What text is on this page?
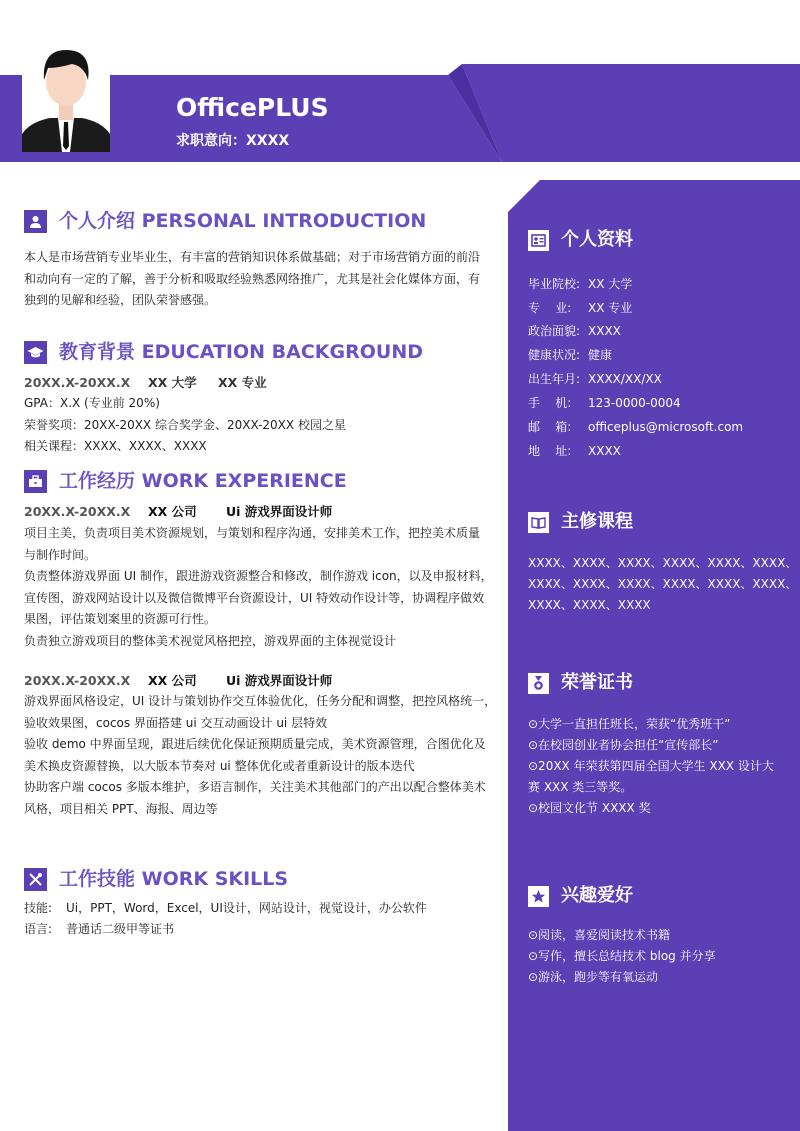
OfficePLUS
求职意向：XXXX
个人介绍 PERSONAL INTRODUCTION
本人是市场营销专业毕业生，有丰富的营销知识体系做基础；对于市场营销方面的前沿
和动向有一定的了解，善于分析和吸取经验熟悉网络推广，尤其是社会化媒体方面，有
独到的见解和经验，团队荣誉感强。
教育背景 EDUCATION BACKGROUND
20XX.X-20XX.X XX 大学 XX 专业
GPA：X.X (专业前 20%)
荣誉奖项：20XX-20XX 综合奖学金、20XX-20XX 校园之星
相关课程：XXXX、XXXX、XXXX
工作经历 WORK EXPERIENCE
20XX.X-20XX.X XX 公司 Ui 游戏界面设计师
项目主美，负责项目美术资源规划，与策划和程序沟通，安排美术工作，把控美术质量
与制作时间。
负责整体游戏界面 UI 制作，跟进游戏资源整合和修改，制作游戏 icon，以及申报材料，
宣传图，游戏网站设计以及微信微博平台资源设计，UI 特效动作设计等，协调程序做效
果图，评估策划案里的资源可行性。
负责独立游戏项目的整体美术视觉风格把控，游戏界面的主体视觉设计
20XX.X-20XX.X XX 公司 Ui 游戏界面设计师
游戏界面风格设定，UI 设计与策划协作交互体验优化，任务分配和调整，把控风格统一，
验收效果图，cocos 界面搭建 ui 交互动画设计 ui 层特效
验收 demo 中界面呈现，跟进后续优化保证预期质量完成，美术资源管理，合图优化及
美术换皮资源替换，以大版本节奏对 ui 整体优化或者重新设计的版本迭代
协助客户端 cocos 多版本维护，多语言制作，关注美术其他部门的产出以配合整体美术
风格，项目相关 PPT、海报、周边等
工作技能 WORK SKILLS
技能: Ui，PPT，Word，Excel，UI设计，网站设计，视觉设计，办公软件
语言: 普通话二级甲等证书
个人资料
毕业院校: XX 大学
专    业: XX 专业
政治面貌: XXXX
健康状况: 健康
出生年月: XXXX/XX/XX
手    机: 123-0000-0004
邮    箱: officeplus@microsoft.com
地    址: XXXX
主修课程
XXXX、XXXX、XXXX、XXXX、XXXX、XXXX、
XXXX、XXXX、XXXX、XXXX、XXXX、XXXX、
XXXX、XXXX、XXXX
荣誉证书
⊙大学一直担任班长，荣获“优秀班干”
⊙在校园创业者协会担任“宣传部长”
⊙20XX 年荣获第四届全国大学生 XXX 设计大赛 XXX 类三等奖。
⊙校园文化节 XXXX 奖
兴趣爱好
⊙阅读，喜爱阅读技术书籍
⊙写作，擅长总结技术 blog 并分享
⊙游泳，跑步等有氧运动
